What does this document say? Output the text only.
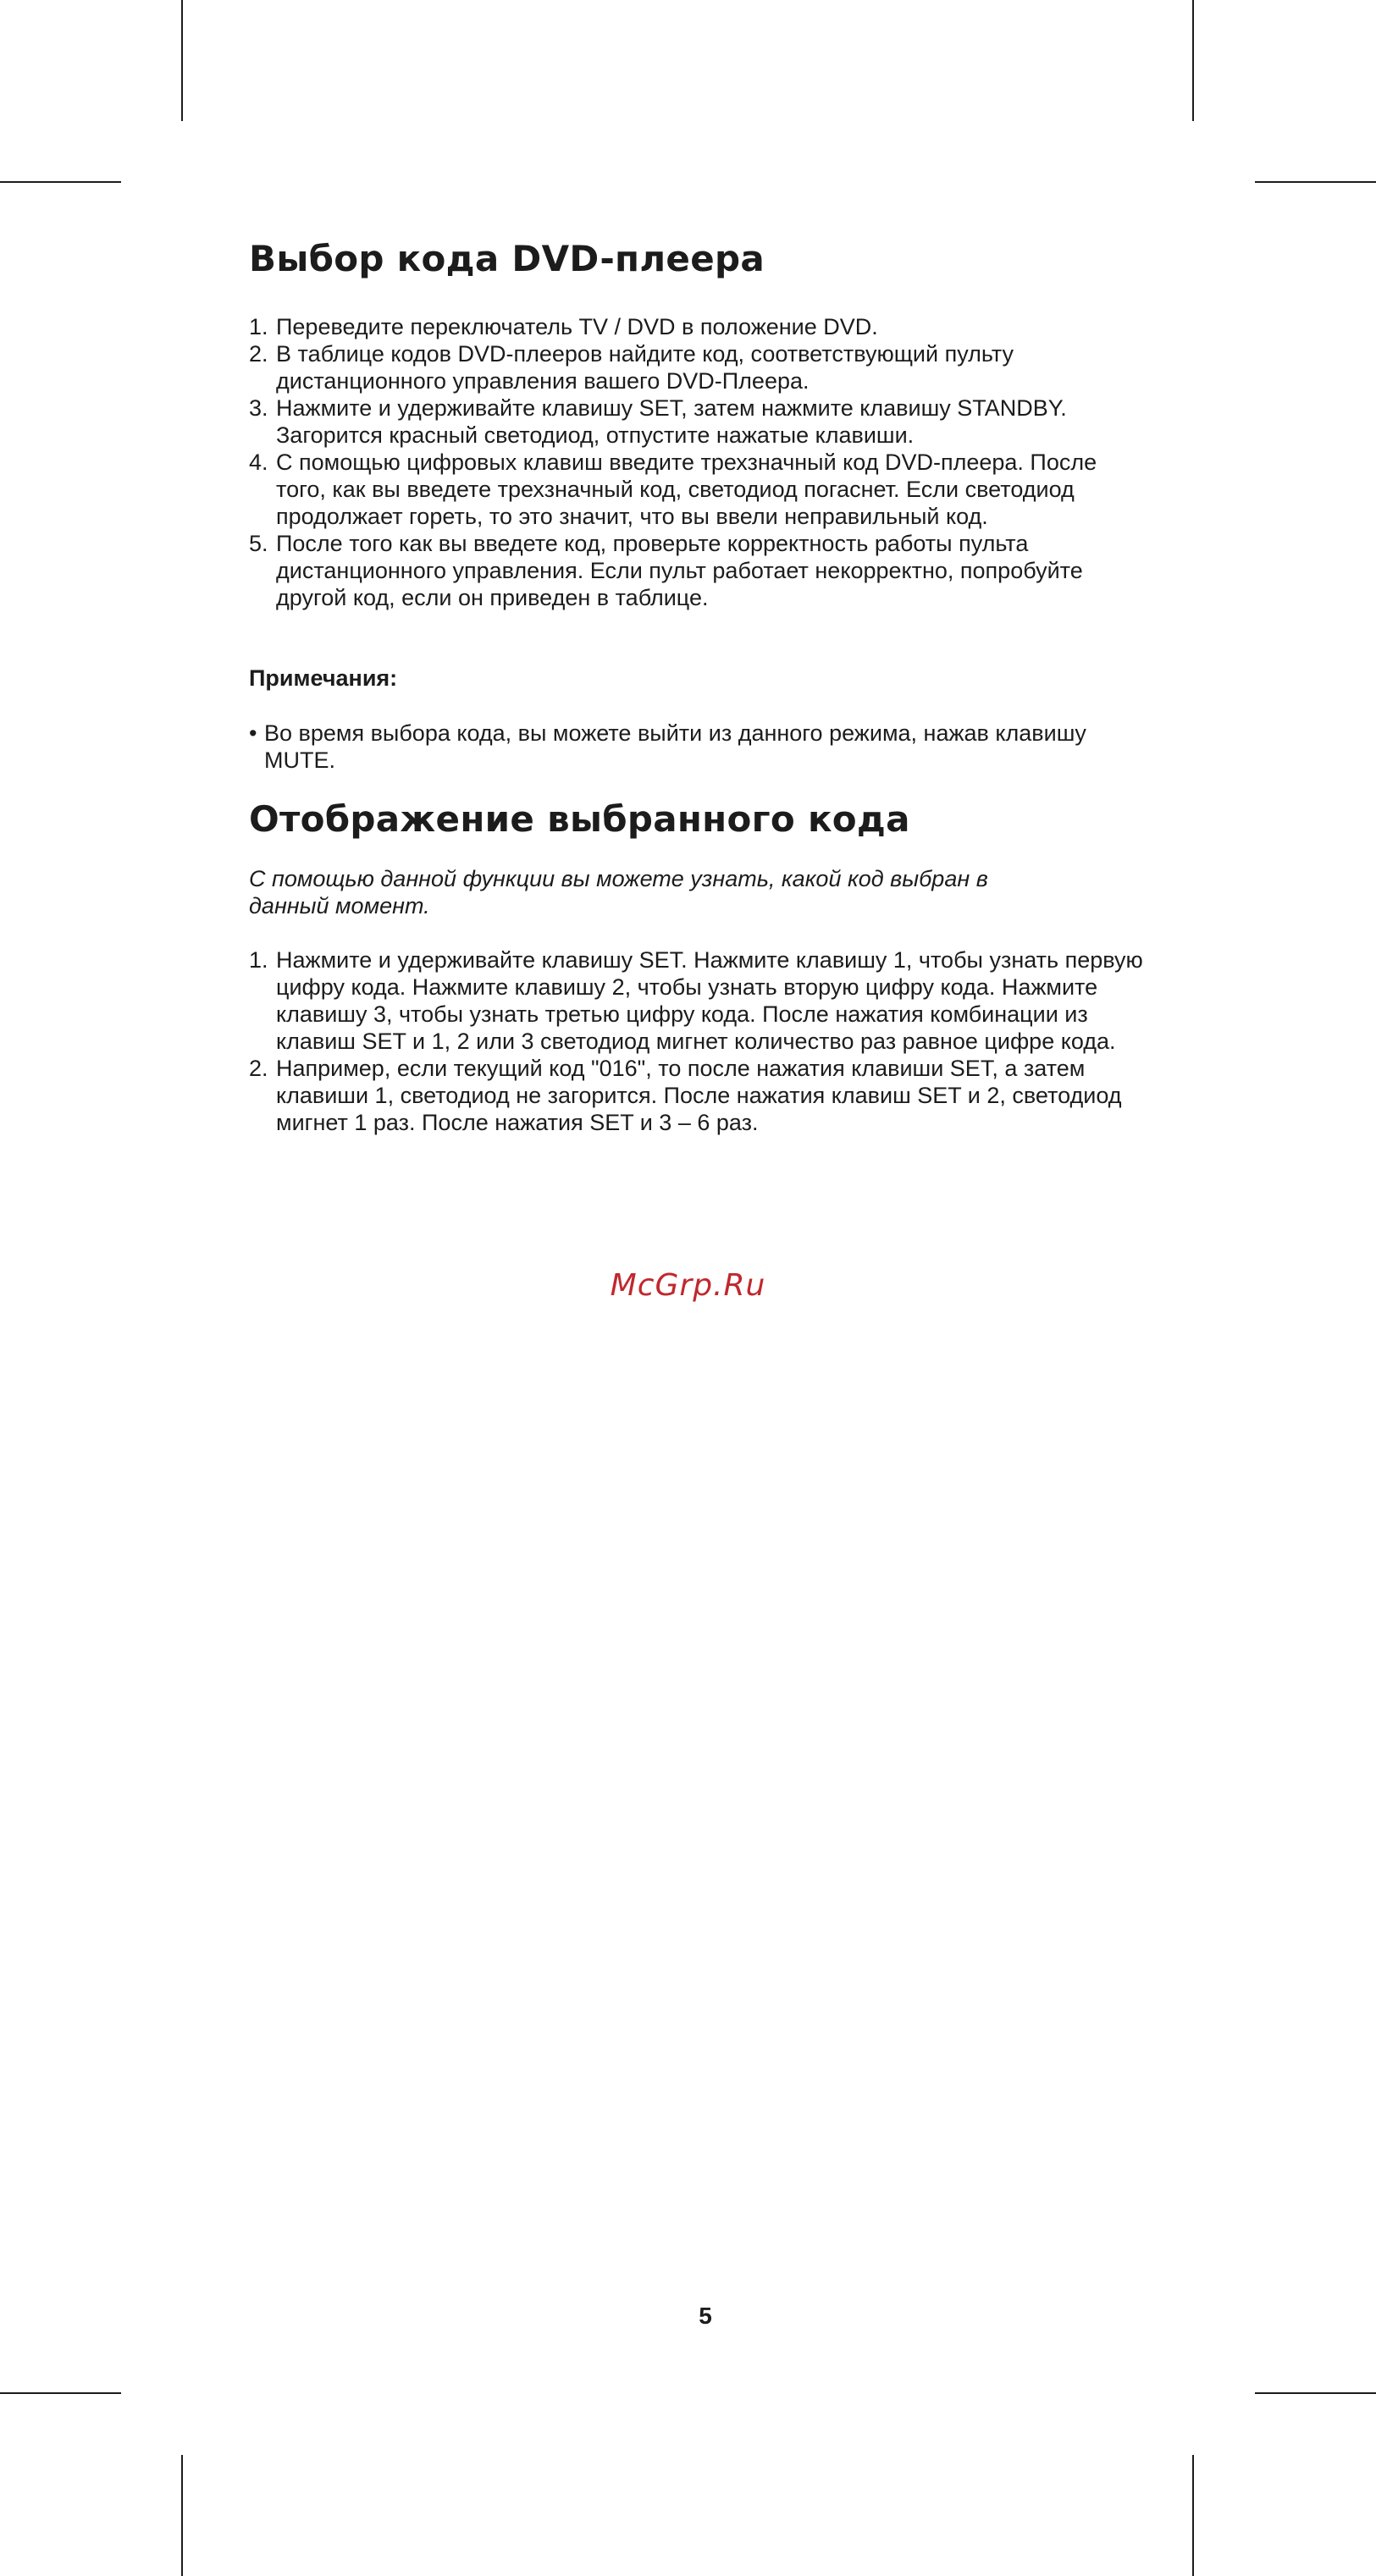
Выбор кода DVD-плеера
1. Переведите переключатель TV / DVD в положение DVD.
2. В таблице кодов DVD-плееров найдите код, соответствующий пульту дистанционного управления вашего DVD-Плеера.
3. Нажмите и удерживайте клавишу SET, затем нажмите клавишу STANDBY. Загорится красный светодиод, отпустите нажатые клавиши.
4. С помощью цифровых клавиш введите трехзначный код DVD-плеера. После того, как вы введете трехзначный код, светодиод погаснет. Если светодиод продолжает гореть, то это значит, что вы ввели неправильный код.
5. После того как вы введете код, проверьте корректность работы пульта дистанционного управления. Если пульт работает некорректно, попробуйте другой код, если он приведен в таблице.

Примечания:

• Во время выбора кода, вы можете выйти из данного режима, нажав клавишу MUTE.

Отображение выбранного кода

С помощью данной функции вы можете узнать, какой код выбран в данный момент.

1. Нажмите и удерживайте клавишу SET. Нажмите клавишу 1, чтобы узнать первую цифру кода. Нажмите клавишу 2, чтобы узнать вторую цифру кода. Нажмите клавишу 3, чтобы узнать третью цифру кода. После нажатия комбинации из клавиш SET и 1, 2 или 3 светодиод мигнет количество раз равное цифре кода.
2. Например, если текущий код "016", то после нажатия клавиши SET, а затем клавиши 1, светодиод не загорится. После нажатия клавиш SET и 2, светодиод мигнет 1 раз. После нажатия SET и 3 – 6 раз.
McGrp.Ru
5
